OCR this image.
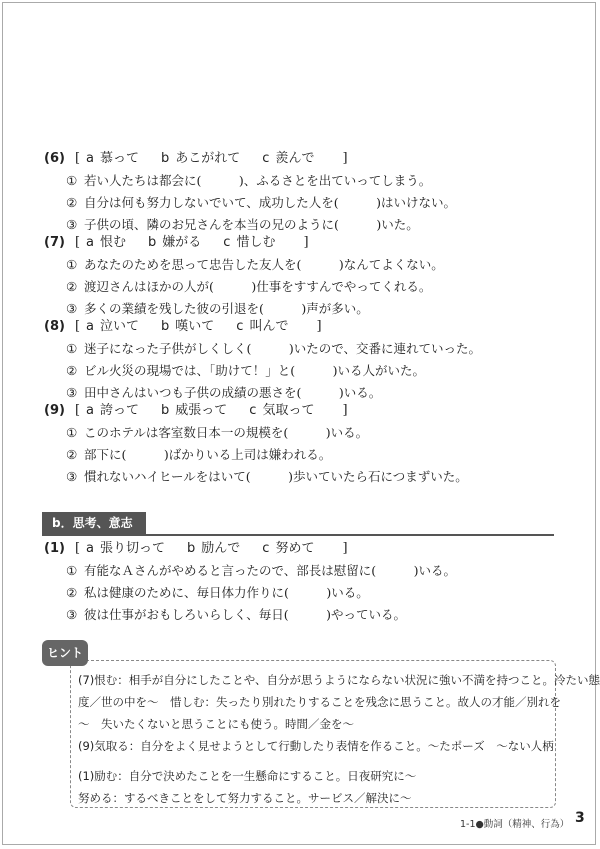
(6) [ a 慕って b あこがれて c 羨んで ]
① 若い人たちは都会に(　　　)、ふるさとを出ていってしまう。
② 自分は何も努力しないでいて、成功した人を(　　　)はいけない。
③ 子供の頃、隣のお兄さんを本当の兄のように(　　　)いた。
(7) [ a 恨む b 嫌がる c 惜しむ ]
① あなたのためを思って忠告した友人を(　　　)なんてよくない。
② 渡辺さんはほかの人が(　　　)仕事をすすんでやってくれる。
③ 多くの業績を残した彼の引退を(　　　)声が多い。
(8) [ a 泣いて b 嘆いて c 叫んで ]
① 迷子になった子供がしくしく(　　　)いたので、交番に連れていった。
② ビル火災の現場では、「助けて！」と(　　　)いる人がいた。
③ 田中さんはいつも子供の成績の悪さを(　　　)いる。
(9) [ a 誇って b 威張って c 気取って ]
① このホテルは客室数日本一の規模を(　　　)いる。
② 部下に(　　　)ばかりいる上司は嫌われる。
③ 慣れないハイヒールをはいて(　　　)歩いていたら石につまずいた。
b．思考、意志
(1) [ a 張り切って b 励んで c 努めて ]
① 有能なＡさんがやめると言ったので、部長は慰留に(　　　)いる。
② 私は健康のために、毎日体力作りに(　　　)いる。
③ 彼は仕事がおもしろいらしく、毎日(　　　)やっている。
ヒント
(7)恨む：相手が自分にしたことや、自分が思うようにならない状況に強い不満を持つこと。冷たい態
度／世の中を〜　惜しむ：失ったり別れたりすることを残念に思うこと。故人の才能／別れを
〜　失いたくないと思うことにも使う。時間／金を〜
(9)気取る：自分をよく見せようとして行動したり表情を作ること。〜たポーズ　〜ない人柄
(1)励む：自分で決めたことを一生懸命にすること。日夜研究に〜
努める：するべきことをして努力すること。サービス／解決に〜
1-1●動詞（精神、行為） 3
